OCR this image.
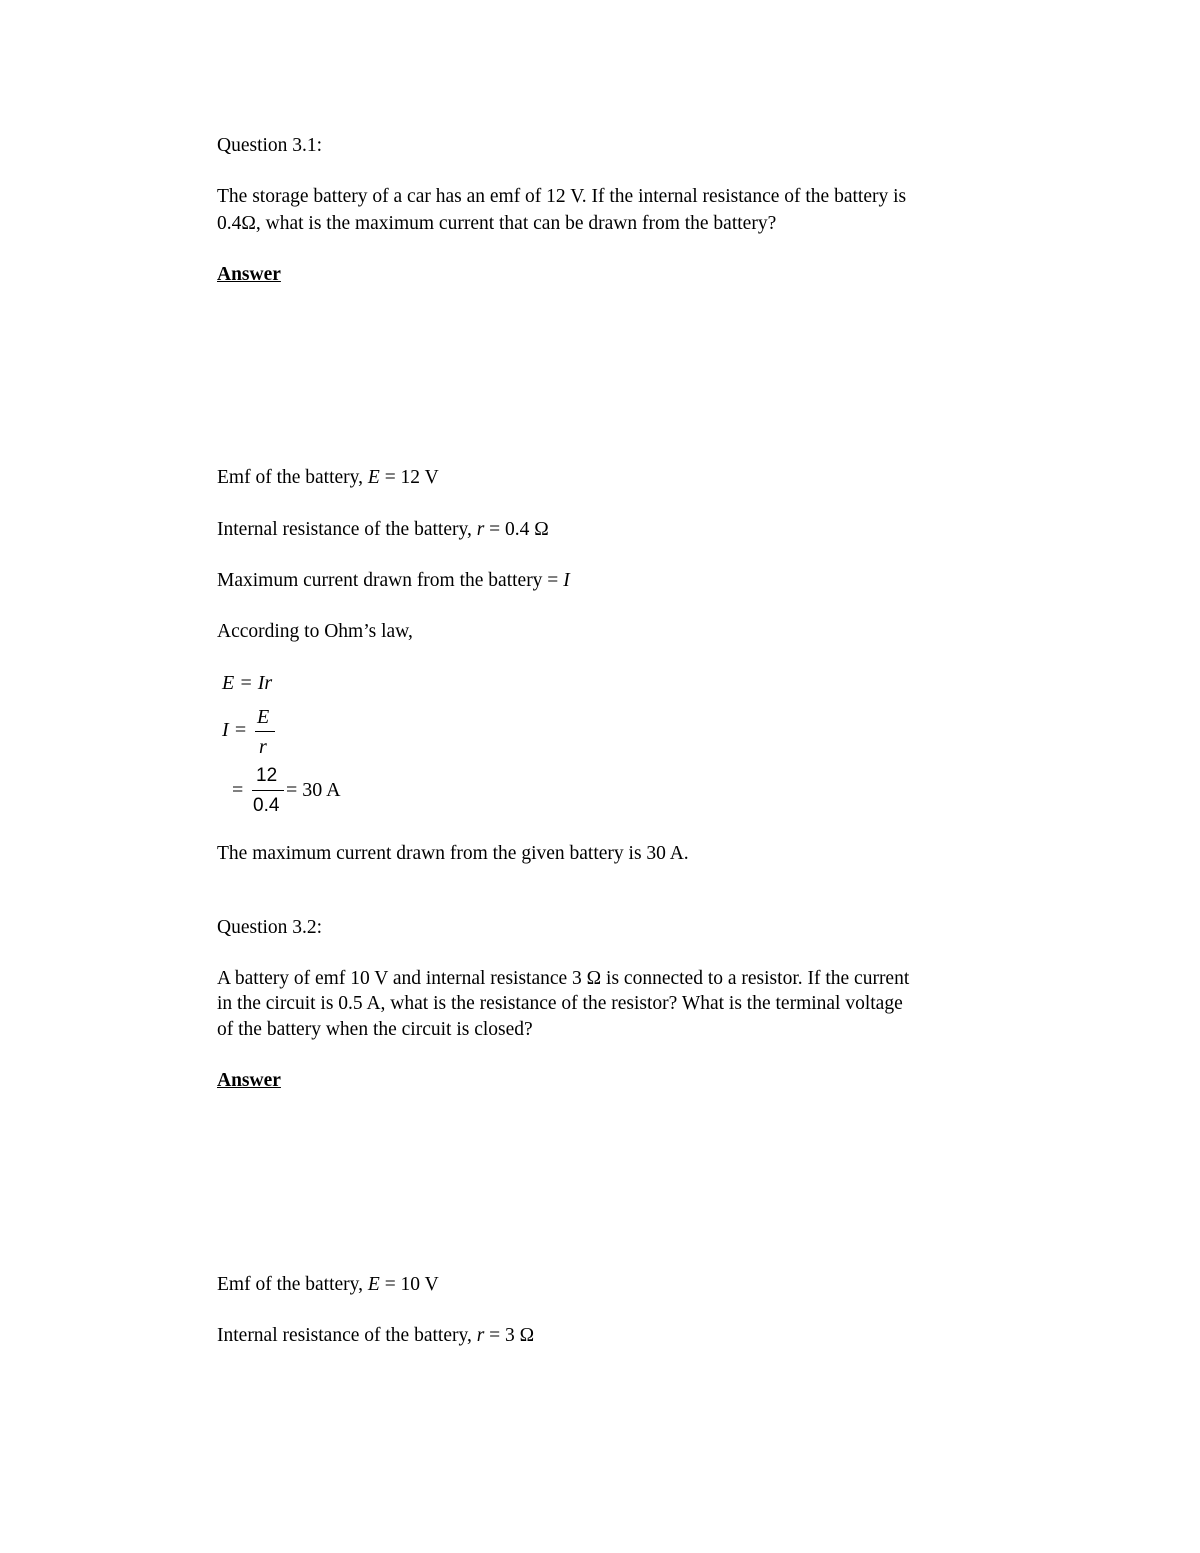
Question 3.1:
The storage battery of a car has an emf of 12 V. If the internal resistance of the battery is
0.4Ω, what is the maximum current that can be drawn from the battery?
Answer
Emf of the battery, E = 12 V
Internal resistance of the battery, r = 0.4 Ω
Maximum current drawn from the battery = I
According to Ohm’s law,
E = Ir
I =
E
r
=
12
0.4
= 30 A
The maximum current drawn from the given battery is 30 A.
Question 3.2:
A battery of emf 10 V and internal resistance 3 Ω is connected to a resistor. If the current
in the circuit is 0.5 A, what is the resistance of the resistor? What is the terminal voltage
of the battery when the circuit is closed?
Answer
Emf of the battery, E = 10 V
Internal resistance of the battery, r = 3 Ω
